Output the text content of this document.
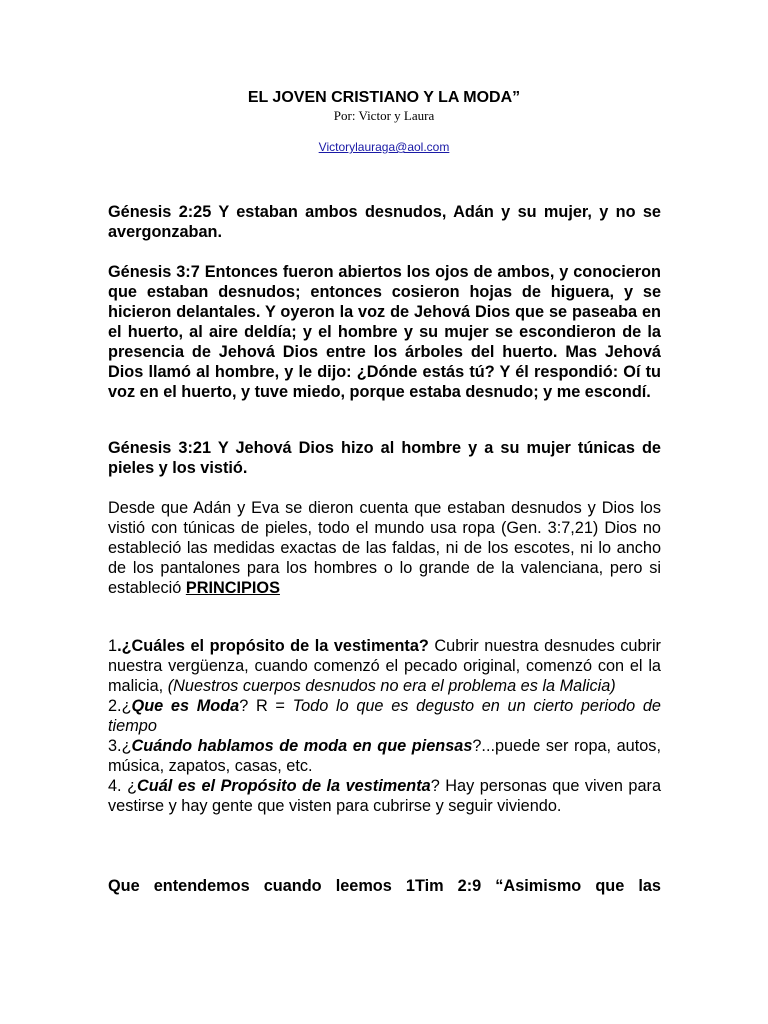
EL JOVEN CRISTIANO Y LA MODA”
Por: Victor y Laura
Victorylauraga@aol.com

Génesis 2:25 Y estaban ambos desnudos, Adán y su mujer, y no se avergonzaban.

Génesis 3:7 Entonces fueron abiertos los ojos de ambos, y conocieron que estaban desnudos; entonces cosieron hojas de higuera, y se hicieron delantales. Y oyeron la voz de Jehová Dios que se paseaba en el huerto, al aire deldía; y el hombre y su mujer se escondieron de la presencia de Jehová Dios entre los árboles del huerto. Mas Jehová Dios llamó al hombre, y le dijo: ¿Dónde estás tú? Y él respondió: Oí tu voz en el huerto, y tuve miedo, porque estaba desnudo; y me escondí.

Génesis 3:21 Y Jehová Dios hizo al hombre y a su mujer túnicas de pieles y los vistió.

Desde que Adán y Eva se dieron cuenta que estaban desnudos y Dios los vistió con túnicas de pieles, todo el mundo usa ropa (Gen. 3:7,21) Dios no estableció las medidas exactas de las faldas, ni de los escotes, ni lo ancho de los pantalones para los hombres o lo grande de la valenciana, pero si estableció PRINCIPIOS

1.¿Cuáles el propósito de la vestimenta? Cubrir nuestra desnudes cubrir nuestra vergüenza, cuando comenzó el pecado original, comenzó con el la malicia, (Nuestros cuerpos desnudos no era el problema es la Malicia)

2.¿Que es Moda? R = Todo lo que es degusto en un cierto periodo de tiempo

3.¿Cuándo hablamos de moda en que piensas?...puede ser ropa, autos, música, zapatos, casas, etc.

4. ¿Cuál es el Propósito de la vestimenta? Hay personas que viven para vestirse y hay gente que visten para cubrirse y seguir viviendo.

Que entendemos cuando leemos 1Tim 2:9 “Asimismo que las
